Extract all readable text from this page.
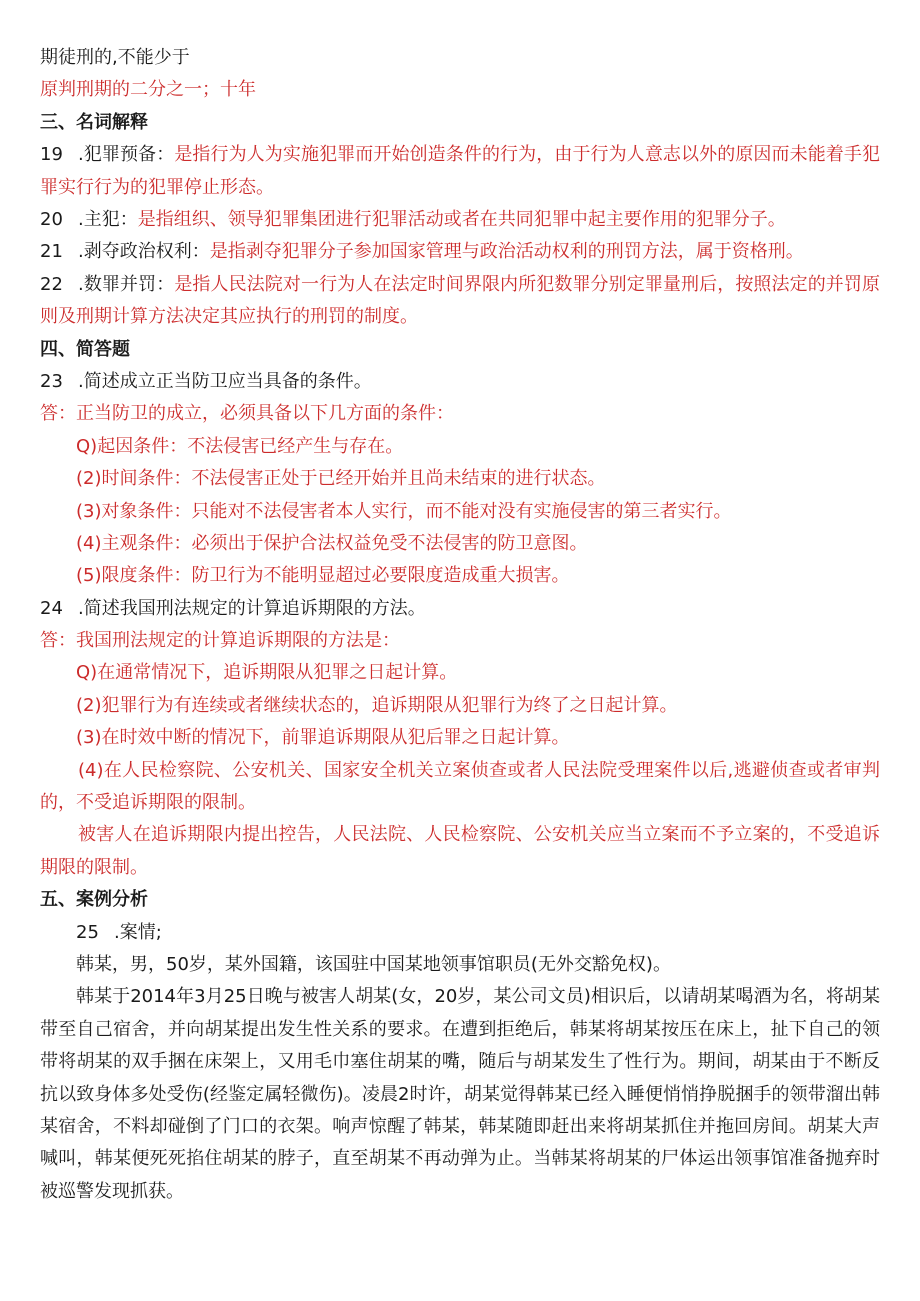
期徒刑的,不能少于
原判刑期的二分之一；十年
三、名词解释
19 .犯罪预备：是指行为人为实施犯罪而开始创造条件的行为，由于行为人意志以外的原因而未能着手犯罪实行行为的犯罪停止形态。
20 .主犯：是指组织、领导犯罪集团进行犯罪活动或者在共同犯罪中起主要作用的犯罪分子。
21 .剥夺政治权利：是指剥夺犯罪分子参加国家管理与政治活动权利的刑罚方法，属于资格刑。
22 .数罪并罚：是指人民法院对一行为人在法定时间界限内所犯数罪分别定罪量刑后，按照法定的并罚原则及刑期计算方法决定其应执行的刑罚的制度。
四、简答题
23 .简述成立正当防卫应当具备的条件。
答：正当防卫的成立，必须具备以下几方面的条件：
Q)起因条件：不法侵害已经产生与存在。
(2)时间条件：不法侵害正处于已经开始并且尚未结束的进行状态。
(3)对象条件：只能对不法侵害者本人实行，而不能对没有实施侵害的第三者实行。
(4)主观条件：必须出于保护合法权益免受不法侵害的防卫意图。
(5)限度条件：防卫行为不能明显超过必要限度造成重大损害。
24 .简述我国刑法规定的计算追诉期限的方法。
答：我国刑法规定的计算追诉期限的方法是：
Q)在通常情况下，追诉期限从犯罪之日起计算。
(2)犯罪行为有连续或者继续状态的，追诉期限从犯罪行为终了之日起计算。
(3)在时效中断的情况下，前罪追诉期限从犯后罪之日起计算。
(4)在人民检察院、公安机关、国家安全机关立案侦查或者人民法院受理案件以后,逃避侦查或者审判的，不受追诉期限的限制。
被害人在追诉期限内提出控告，人民法院、人民检察院、公安机关应当立案而不予立案的，不受追诉期限的限制。
五、案例分析
25 .案情;
韩某，男，50岁，某外国籍，该国驻中国某地领事馆职员(无外交豁免权)。
韩某于2014年3月25日晚与被害人胡某(女，20岁，某公司文员)相识后，以请胡某喝酒为名，将胡某带至自己宿舍，并向胡某提出发生性关系的要求。在遭到拒绝后，韩某将胡某按压在床上，扯下自己的领带将胡某的双手捆在床架上，又用毛巾塞住胡某的嘴，随后与胡某发生了性行为。期间，胡某由于不断反抗以致身体多处受伤(经鉴定属轻微伤)。凌晨2时许，胡某觉得韩某已经入睡便悄悄挣脱捆手的领带溜出韩某宿舍，不料却碰倒了门口的衣架。响声惊醒了韩某，韩某随即赶出来将胡某抓住并拖回房间。胡某大声喊叫，韩某便死死掐住胡某的脖子，直至胡某不再动弹为止。当韩某将胡某的尸体运出领事馆准备抛弃时被巡警发现抓获。
